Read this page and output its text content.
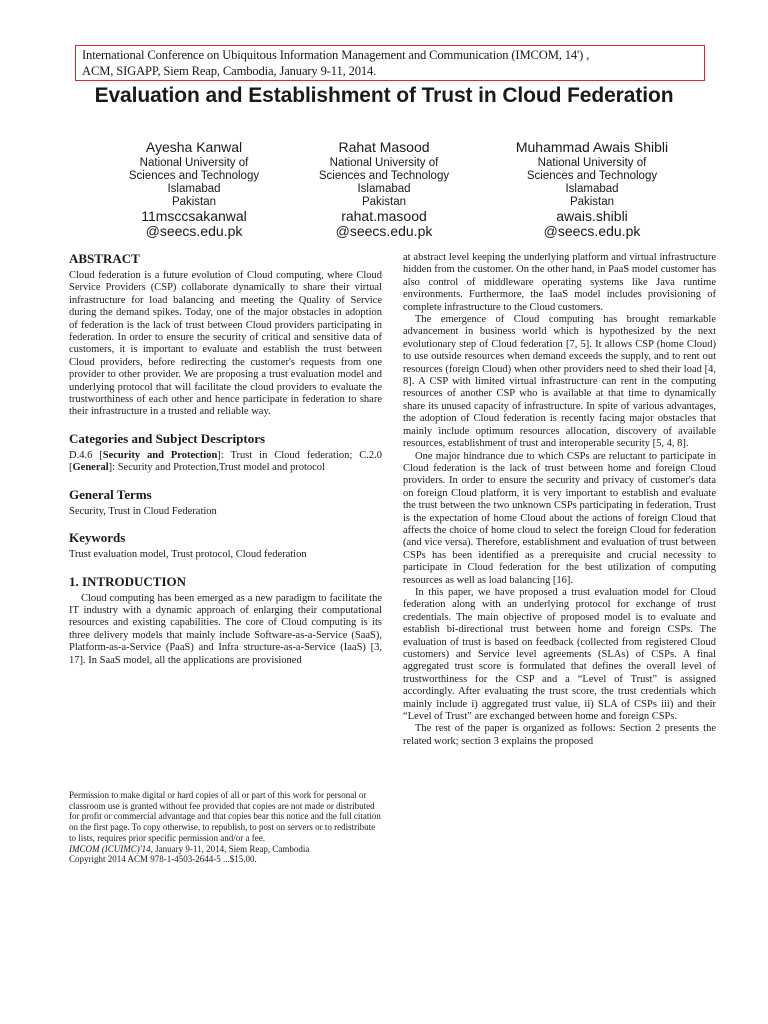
International Conference on Ubiquitous Information Management and Communication (IMCOM, 14') ,
ACM, SIGAPP, Siem Reap, Cambodia, January 9-11, 2014.
Evaluation and Establishment of Trust in Cloud Federation
Ayesha Kanwal
National University of
Sciences and Technology
Islamabad
Pakistan
11msccsakanwal
@seecs.edu.pk
Rahat Masood
National University of
Sciences and Technology
Islamabad
Pakistan
rahat.masood
@seecs.edu.pk
Muhammad Awais Shibli
National University of
Sciences and Technology
Islamabad
Pakistan
awais.shibli
@seecs.edu.pk
ABSTRACT

Cloud federation is a future evolution of Cloud computing, where Cloud Service Providers (CSP) collaborate dynamically to share their virtual infrastructure for load balancing and meeting the Quality of Service during the demand spikes. Today, one of the major obstacles in adoption of federation is the lack of trust between Cloud providers participating in federation. In order to ensure the security of critical and sensitive data of customers, it is important to evaluate and establish the trust between Cloud providers, before redirecting the customer's requests from one provider to other provider. We are proposing a trust evaluation model and underlying protocol that will facilitate the cloud providers to evaluate the trustworthiness of each other and hence participate in federation to share their infrastructure in a trusted and reliable way.

Categories and Subject Descriptors

D.4.6 [Security and Protection]: Trust in Cloud federation; C.2.0 [General]: Security and Protection,Trust model and protocol

General Terms

Security, Trust in Cloud Federation

Keywords

Trust evaluation model, Trust protocol, Cloud federation

1. INTRODUCTION

Cloud computing has been emerged as a new paradigm to facilitate the IT industry with a dynamic approach of enlarging their computational resources and existing capabilities. The core of Cloud computing is its three delivery models that mainly include Software-as-a-Service (SaaS), Platform-as-a-Service (PaaS) and Infra structure-as-a-Service (IaaS) [3, 17]. In SaaS model, all the applications are provisioned

Permission to make digital or hard copies of all or part of this work for personal or classroom use is granted without fee provided that copies are not made or distributed for profit or commercial advantage and that copies bear this notice and the full citation on the first page. To copy otherwise, to republish, to post on servers or to redistribute to lists, requires prior specific permission and/or a fee.
IMCOM (ICUIMC)'14, January 9-11, 2014, Siem Reap, Cambodia
Copyright 2014 ACM 978-1-4503-2644-5 ...$15.00.

at abstract level keeping the underlying platform and virtual infrastructure hidden from the customer. On the other hand, in PaaS model customer has also control of middleware operating systems like Java runtime environments. Furthermore, the IaaS model includes provisioning of complete infrastructure to the Cloud customers.

The emergence of Cloud computing has brought remarkable advancement in business world which is hypothesized by the next evolutionary step of Cloud federation [7, 5]. It allows CSP (home Cloud) to use outside resources when demand exceeds the supply, and to rent out resources (foreign Cloud) when other providers need to shed their load [4, 8]. A CSP with limited virtual infrastructure can rent in the computing resources of another CSP who is available at that time to dynamically share its unused capacity of infrastructure. In spite of various advantages, the adoption of Cloud federation is recently facing major obstacles that mainly include optimum resources allocation, discovery of available resources, establishment of trust and interoperable security [5, 4, 8].

One major hindrance due to which CSPs are reluctant to participate in Cloud federation is the lack of trust between home and foreign Cloud providers. In order to ensure the security and privacy of customer's data on foreign Cloud platform, it is very important to establish and evaluate the trust between the two unknown CSPs participating in federation. Trust is the expectation of home Cloud about the actions of foreign Cloud that affects the choice of home cloud to select the foreign Cloud for federation (and vice versa). Therefore, establishment and evaluation of trust between CSPs has been identified as a prerequisite and crucial necessity to participate in Cloud federation for the best utilization of computing resources as well as load balancing [16].

In this paper, we have proposed a trust evaluation model for Cloud federation along with an underlying protocol for exchange of trust credentials. The main objective of proposed model is to evaluate and establish bi-directional trust between home and foreign CSPs. The evaluation of trust is based on feedback (collected from registered Cloud customers) and Service level agreements (SLAs) of CSPs. A final aggregated trust score is formulated that defines the overall level of trustworthiness for the CSP and a “Level of Trust” is assigned accordingly. After evaluating the trust score, the trust credentials which mainly include i) aggregated trust value, ii) SLA of CSPs iii) and their “Level of Trust” are exchanged between home and foreign CSPs.

The rest of the paper is organized as follows: Section 2 presents the related work; section 3 explains the proposed
